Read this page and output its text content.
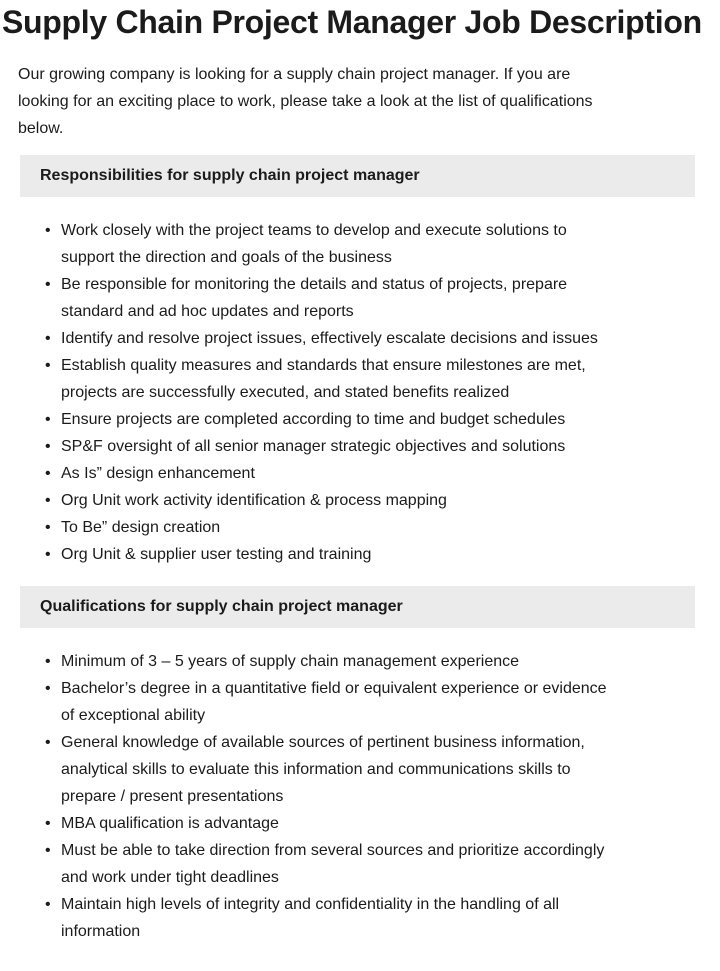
Supply Chain Project Manager Job Description
Our growing company is looking for a supply chain project manager. If you are
looking for an exciting place to work, please take a look at the list of qualifications
below.
Responsibilities for supply chain project manager
• Work closely with the project teams to develop and execute solutions to
support the direction and goals of the business
• Be responsible for monitoring the details and status of projects, prepare
standard and ad hoc updates and reports
• Identify and resolve project issues, effectively escalate decisions and issues
• Establish quality measures and standards that ensure milestones are met,
projects are successfully executed, and stated benefits realized
• Ensure projects are completed according to time and budget schedules
• SP&F oversight of all senior manager strategic objectives and solutions
• As Is” design enhancement
• Org Unit work activity identification & process mapping
• To Be” design creation
• Org Unit & supplier user testing and training
Qualifications for supply chain project manager
• Minimum of 3 – 5 years of supply chain management experience
• Bachelor’s degree in a quantitative field or equivalent experience or evidence
of exceptional ability
• General knowledge of available sources of pertinent business information,
analytical skills to evaluate this information and communications skills to
prepare / present presentations
• MBA qualification is advantage
• Must be able to take direction from several sources and prioritize accordingly
and work under tight deadlines
• Maintain high levels of integrity and confidentiality in the handling of all
information
